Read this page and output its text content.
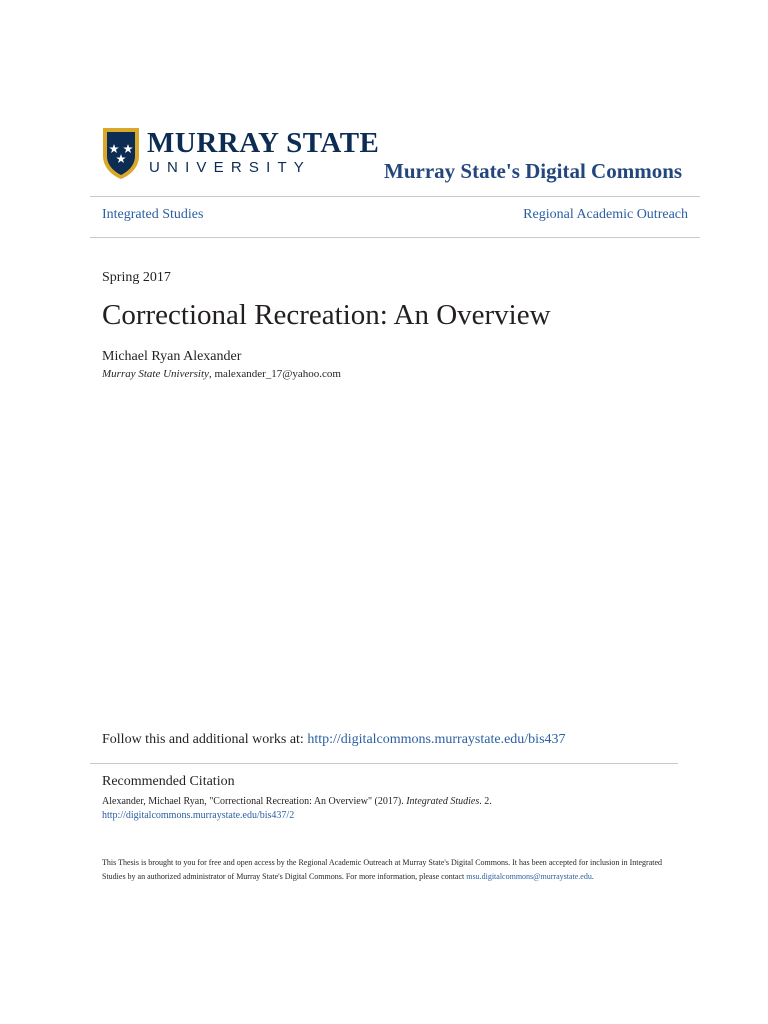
MURRAY STATE
UNIVERSITY	Murray State's Digital Commons
Integrated Studies	Regional Academic Outreach
Spring 2017
Correctional Recreation: An Overview
Michael Ryan Alexander
Murray State University, malexander_17@yahoo.com
Follow this and additional works at: http://digitalcommons.murraystate.edu/bis437
Recommended Citation
Alexander, Michael Ryan, "Correctional Recreation: An Overview" (2017). Integrated Studies. 2.
http://digitalcommons.murraystate.edu/bis437/2
This Thesis is brought to you for free and open access by the Regional Academic Outreach at Murray State's Digital Commons. It has been accepted for inclusion in Integrated Studies by an authorized administrator of Murray State's Digital Commons. For more information, please contact msu.digitalcommons@murraystate.edu.
